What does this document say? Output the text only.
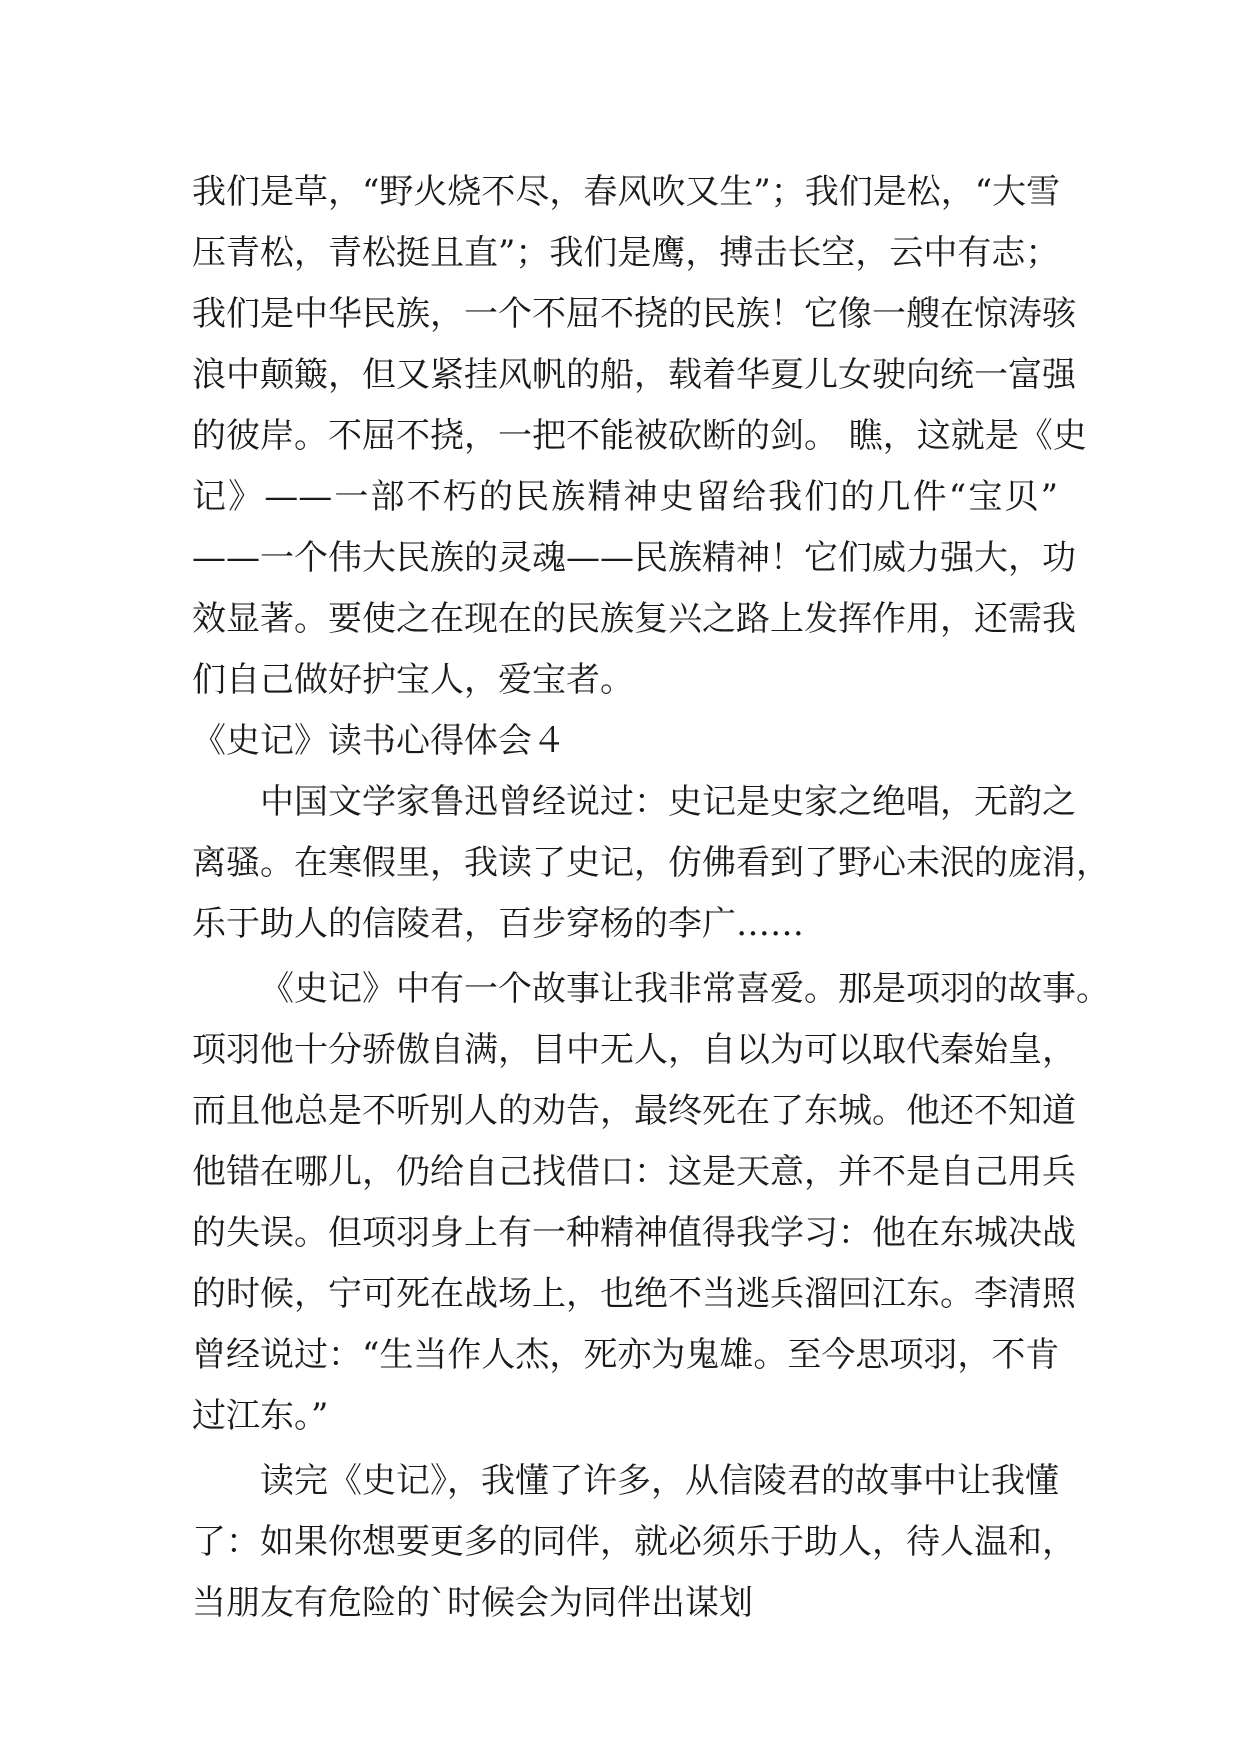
我们是草，“野火烧不尽，春风吹又生”；我们是松，“大雪
压青松，青松挺且直”；我们是鹰，搏击长空，云中有志；
我们是中华民族，一个不屈不挠的民族！它像一艘在惊涛骇
浪中颠簸，但又紧挂风帆的船，载着华夏儿女驶向统一富强
的彼岸。不屈不挠，一把不能被砍断的剑。 瞧，这就是《史
记》——一部不朽的民族精神史留给我们的几件“宝贝”
——一个伟大民族的灵魂——民族精神！它们威力强大，功
效显著。要使之在现在的民族复兴之路上发挥作用，还需我
们自己做好护宝人，爱宝者。
《史记》读书心得体会４
中国文学家鲁迅曾经说过：史记是史家之绝唱，无韵之
离骚。在寒假里，我读了史记，仿佛看到了野心未泯的庞涓，
乐于助人的信陵君，百步穿杨的李广……
《史记》中有一个故事让我非常喜爱。那是项羽的故事。
项羽他十分骄傲自满，目中无人，自以为可以取代秦始皇，
而且他总是不听别人的劝告，最终死在了东城。他还不知道
他错在哪儿，仍给自己找借口：这是天意，并不是自己用兵
的失误。但项羽身上有一种精神值得我学习：他在东城决战
的时候，宁可死在战场上，也绝不当逃兵溜回江东。李清照
曾经说过：“生当作人杰，死亦为鬼雄。至今思项羽，不肯
过江东。”
读完《史记》，我懂了许多，从信陵君的故事中让我懂
了：如果你想要更多的同伴，就必须乐于助人，待人温和，
当朋友有危险的`时候会为同伴出谋划
